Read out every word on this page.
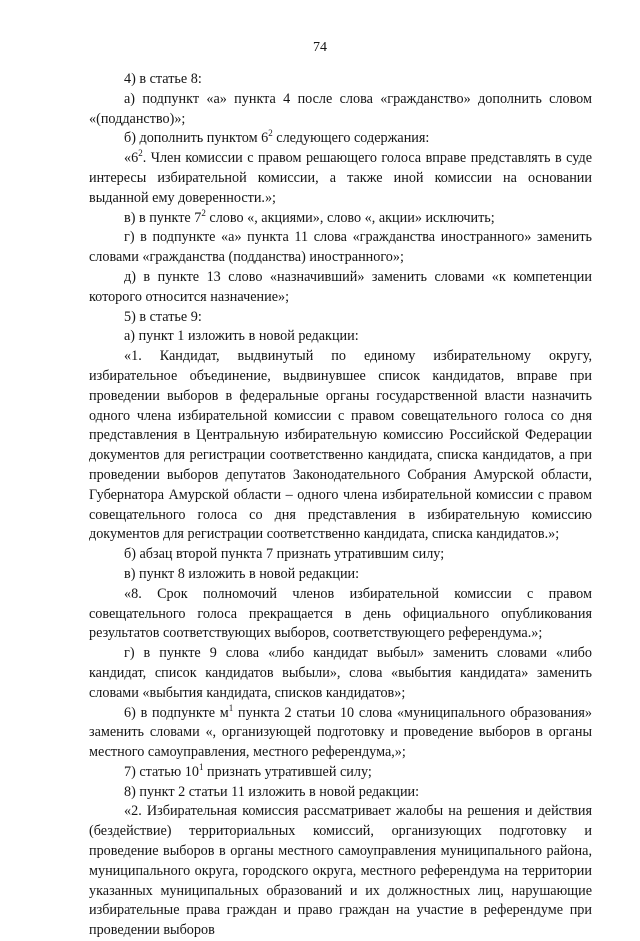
74

4) в статье 8:

а) подпункт «а» пункта 4 после слова «гражданство» дополнить словом «(подданство)»;

б) дополнить пунктом $6^2$ следующего содержания:

«$6^2$. Член комиссии с правом решающего голоса вправе представлять в суде интересы избирательной комиссии, а также иной комиссии на основании выданной ему доверенности.»;

в) в пункте $7^2$ слово «, акциями», слово «, акции» исключить;

г) в подпункте «а» пункта 11 слова «гражданства иностранного» заменить словами «гражданства (подданства) иностранного»;

д) в пункте 13 слово «назначивший» заменить словами «к компетенции которого относится назначение»;

5) в статье 9:

а) пункт 1 изложить в новой редакции:

«1. Кандидат, выдвинутый по единому избирательному округу, избирательное объединение, выдвинувшее список кандидатов, вправе при проведении выборов в федеральные органы государственной власти назначить одного члена избирательной комиссии с правом совещательного голоса со дня представления в Центральную избирательную комиссию Российской Федерации документов для регистрации соответственно кандидата, списка кандидатов, а при проведении выборов депутатов Законодательного Собрания Амурской области, Губернатора Амурской области – одного члена избирательной комиссии с правом совещательного голоса со дня представления в избирательную комиссию документов для регистрации соответственно кандидата, списка кандидатов.»;

б) абзац второй пункта 7 признать утратившим силу;

в) пункт 8 изложить в новой редакции:

«8. Срок полномочий членов избирательной комиссии с правом совещательного голоса прекращается в день официального опубликования результатов соответствующих выборов, соответствующего референдума.»;

г) в пункте 9 слова «либо кандидат выбыл» заменить словами «либо кандидат, список кандидатов выбыли», слова «выбытия кандидата» заменить словами «выбытия кандидата, списков кандидатов»;

6) в подпункте $м^1$ пункта 2 статьи 10 слова «муниципального образования» заменить словами «, организующей подготовку и проведение выборов в органы местного самоуправления, местного референдума,»;

7) статью $10^1$ признать утратившей силу;

8) пункт 2 статьи 11 изложить в новой редакции:

«2. Избирательная комиссия рассматривает жалобы на решения и действия (бездействие) территориальных комиссий, организующих подготовку и проведение выборов в органы местного самоуправления муниципального района, муниципального округа, городского округа, местного референдума на территории указанных муниципальных образований и их должностных лиц, нарушающие избирательные права граждан и право граждан на участие в референдуме при проведении выборов
